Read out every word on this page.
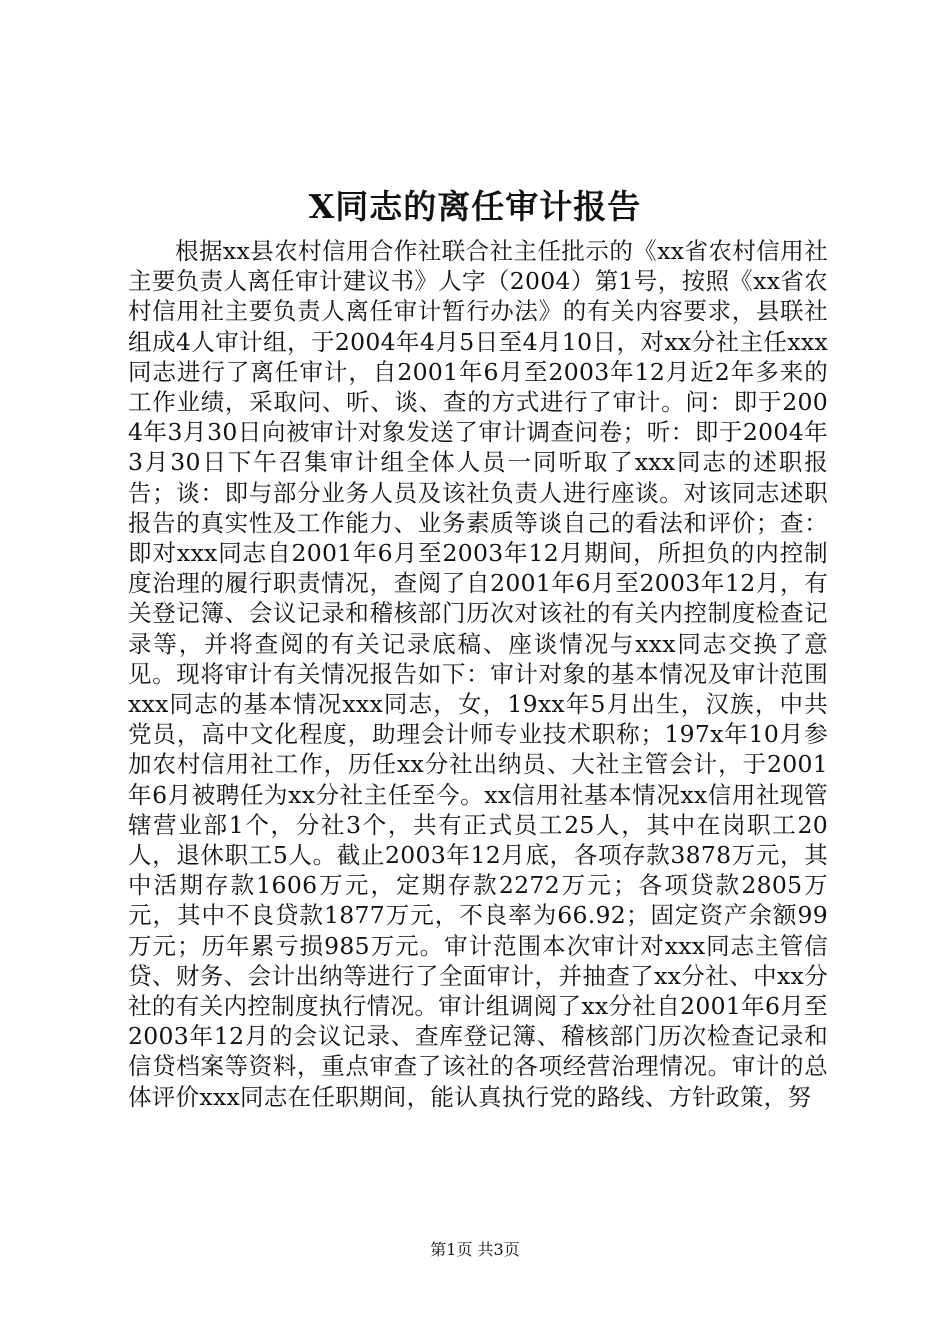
X同志的离任审计报告

根据xx县农村信用合作社联合社主任批示的《xx省农村信用社主要负责人离任审计建议书》人字（2004）第1号，按照《xx省农村信用社主要负责人离任审计暂行办法》的有关内容要求，县联社组成4人审计组，于2004年4月5日至4月10日，对xx分社主任xxx同志进行了离任审计，自2001年6月至2003年12月近2年多来的工作业绩，采取问、听、谈、查的方式进行了审计。问：即于2004年3月30日向被审计对象发送了审计调查问卷；听：即于2004年3月30日下午召集审计组全体人员一同听取了xxx同志的述职报告；谈：即与部分业务人员及该社负责人进行座谈。对该同志述职报告的真实性及工作能力、业务素质等谈自己的看法和评价；查：即对xxx同志自2001年6月至2003年12月期间，所担负的内控制度治理的履行职责情况，查阅了自2001年6月至2003年12月，有关登记簿、会议记录和稽核部门历次对该社的有关内控制度检查记录等，并将查阅的有关记录底稿、座谈情况与xxx同志交换了意见。现将审计有关情况报告如下：审计对象的基本情况及审计范围xxx同志的基本情况xxx同志，女，19xx年5月出生，汉族，中共党员，高中文化程度，助理会计师专业技术职称；197x年10月参加农村信用社工作，历任xx分社出纳员、大社主管会计，于2001年6月被聘任为xx分社主任至今。xx信用社基本情况xx信用社现管辖营业部1个，分社3个，共有正式员工25人，其中在岗职工20人，退休职工5人。截止2003年12月底，各项存款3878万元，其中活期存款1606万元，定期存款2272万元；各项贷款2805万元，其中不良贷款1877万元，不良率为66.92；固定资产余额99万元；历年累亏损985万元。审计范围本次审计对xxx同志主管信贷、财务、会计出纳等进行了全面审计，并抽查了xx分社、中xx分社的有关内控制度执行情况。审计组调阅了xx分社自2001年6月至2003年12月的会议记录、查库登记簿、稽核部门历次检查记录和信贷档案等资料，重点审查了该社的各项经营治理情况。审计的总体评价xxx同志在任职期间，能认真执行党的路线、方针政策，努

第1页 共3页
